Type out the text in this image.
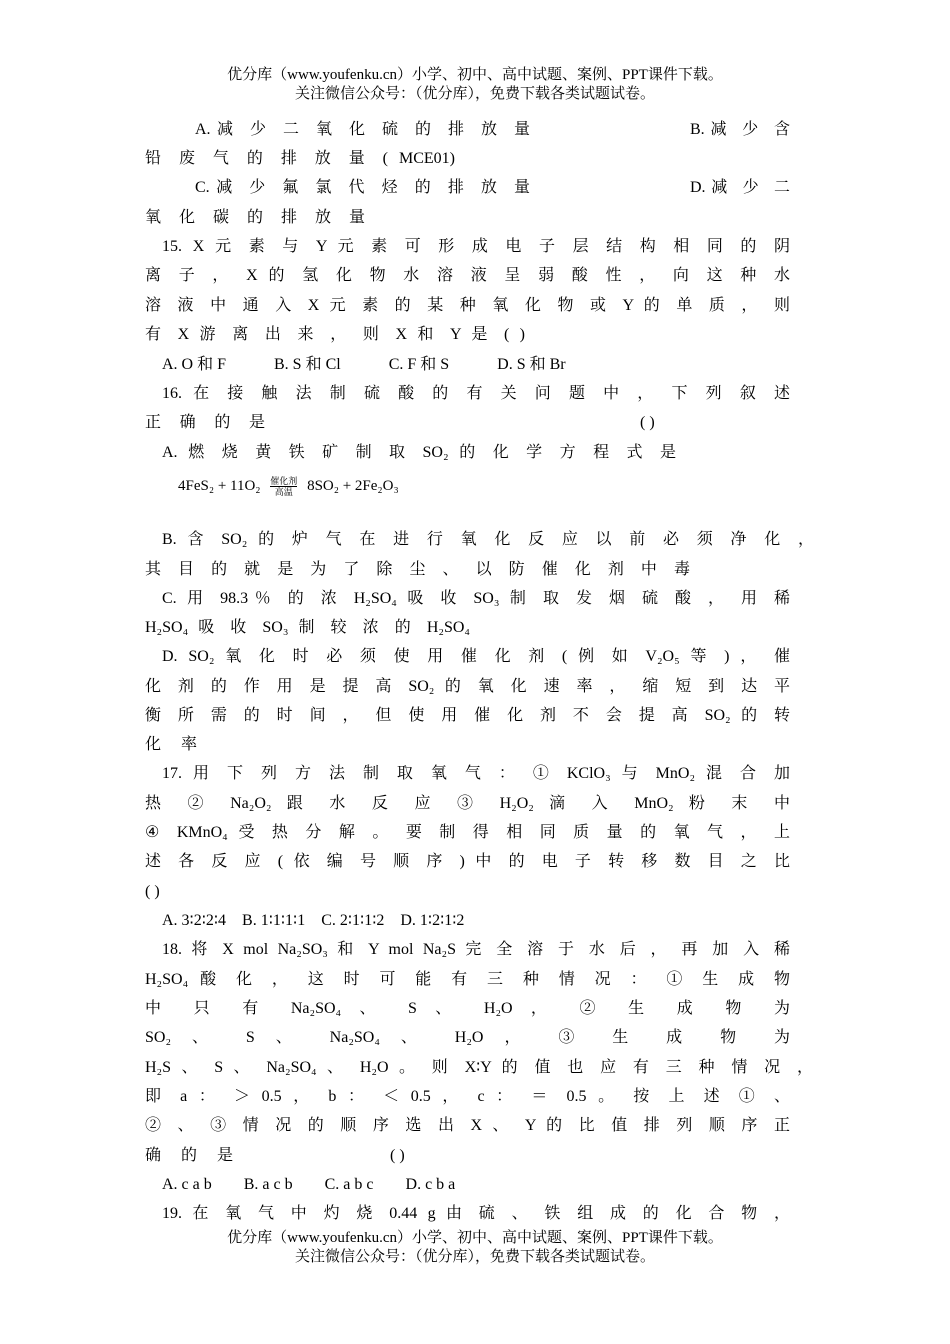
优分库（www.youfenku.cn）小学、初中、高中试题、案例、PPT课件下载。
关注微信公众号：（优分库），免费下载各类试题试卷。
A.减 少 二 氧 化 硫 的 排 放 量	B.减 少 含
铅 废 气 的 排 放 量 ( MCE01)
C.减 少 氟 氯 代 烃 的 排 放 量	D.减 少 二
氧 化 碳 的 排 放 量
15. X 元 素 与 Y 元 素 可 形 成 电 子 层 结 构 相 同 的 阴
离 子 ， X 的 氢 化 物 水 溶 液 呈 弱 酸 性 ， 向 这 种 水
溶 液 中 通 入 X 元 素 的 某 种 氧 化 物 或 Y 的 单 质 ， 则
有 X 游 离 出 来 ， 则 X 和 Y 是 ( )
A. O 和 F　　　B. S 和 Cl　　　C. F 和 S　　　D. S 和 Br
16. 在 接 触 法 制 硫 酸 的 有 关 问 题 中 ， 下 列 叙 述
正 确 的 是	( )
A. 燃 烧 黄 铁 矿 制 取 SO₂ 的 化 学 方 程 式 是
$4FeS_2 + 11O_2 \frac{\text{催化剂}}{\text{高温}} 8SO_2 + 2Fe_2O_3$
B. 含 SO₂ 的 炉 气 在 进 行 氧 化 反 应 以 前 必 须 净 化 ，
其 目 的 就 是 为 了 除 尘 、 以 防 催 化 剂 中 毒
C. 用 98.3％ 的 浓 H₂SO₄ 吸 收 SO₃ 制 取 发 烟 硫 酸 ， 用 稀
H₂SO₄ 吸 收 SO₃ 制 较 浓 的 H₂SO₄
D. SO₂ 氧 化 时 必 须 使 用 催 化 剂 ( 例 如 V₂O₅ 等 ) ， 催
化 剂 的 作 用 是 提 高 SO₂ 的 氧 化 速 率 ， 缩 短 到 达 平
衡 所 需 的 时 间 ， 但 使 用 催 化 剂 不 会 提 高 SO₂ 的 转
化 率
17. 用 下 列 方 法 制 取 氧 气 ： ① KClO₃ 与 MnO₂ 混 合 加
热 ② Na₂O₂ 跟 水 反 应 ③ H₂O₂ 滴 入 MnO₂ 粉 末 中
④ KMnO₄ 受 热 分 解 。 要 制 得 相 同 质 量 的 氧 气 ， 上
述 各 反 应 ( 依 编 号 顺 序 ) 中 的 电 子 转 移 数 目 之 比
( )
A. 3∶2∶2∶4　B. 1∶1∶1∶1　C. 2∶1∶1∶2　D. 1∶2∶1∶2
18. 将 X mol Na₂SO₃ 和 Y mol Na₂S 完 全 溶 于 水 后 ， 再 加 入 稀
H₂SO₄ 酸 化 ， 这 时 可 能 有 三 种 情 况 ： ① 生 成 物
中 只 有 Na₂SO₄ 、 S 、 H₂O ， ② 生 成 物 为
SO₂ 、 S 、 Na₂SO₄ 、 H₂O ， ③ 生 成 物 为
H₂S 、 S 、 Na₂SO₄ 、 H₂O 。 则 X∶Y 的 值 也 应 有 三 种 情 况 ，
即 a ： ＞ 0.5 ， b ： ＜ 0.5 ， c ： ＝ 0.5 。 按 上 述 ① 、
② 、 ③ 情 况 的 顺 序 选 出 X 、 Y 的 比 值 排 列 顺 序 正
确 的 是	( )
A. c a b　　B. a c b　　C. a b c　　D. c b a
19. 在 氧 气 中 灼 烧 0.44 g 由 硫 、 铁 组 成 的 化 合 物 ，
优分库（www.youfenku.cn）小学、初中、高中试题、案例、PPT课件下载。
关注微信公众号：（优分库），免费下载各类试题试卷。
